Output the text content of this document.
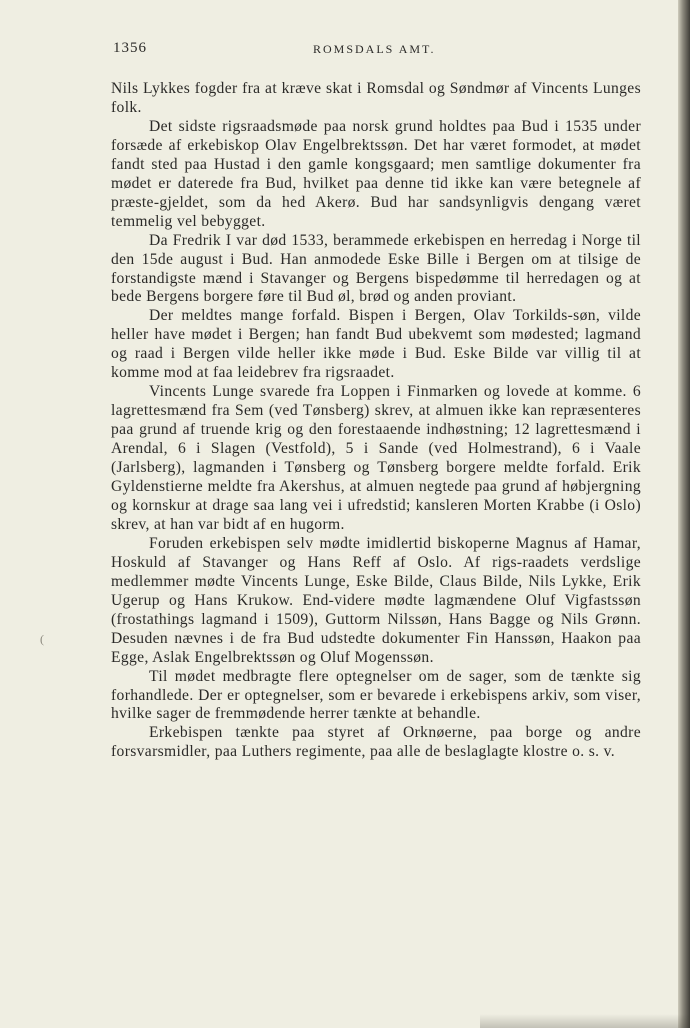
1356	ROMSDALS AMT.
(

Nils Lykkes fogder fra at kræve skat i Romsdal og Søndmør af Vincents Lunges folk.

Det sidste rigsraadsmøde paa norsk grund holdtes paa Bud i 1535 under forsæde af erkebiskop Olav Engelbrektssøn. Det har været formodet, at mødet fandt sted paa Hustad i den gamle kongsgaard; men samtlige dokumenter fra mødet er daterede fra Bud, hvilket paa denne tid ikke kan være betegnele af præste-gjeldet, som da hed Akerø. Bud har sandsynligvis dengang været temmelig vel bebygget.

Da Fredrik I var død 1533, berammede erkebispen en herredag i Norge til den 15de august i Bud. Han anmodede Eske Bille i Bergen om at tilsige de forstandigste mænd i Stavanger og Bergens bispedømme til herredagen og at bede Bergens borgere føre til Bud øl, brød og anden proviant.

Der meldtes mange forfald. Bispen i Bergen, Olav Torkilds-søn, vilde heller have mødet i Bergen; han fandt Bud ubekvemt som mødested; lagmand og raad i Bergen vilde heller ikke møde i Bud. Eske Bilde var villig til at komme mod at faa leidebrev fra rigsraadet.

Vincents Lunge svarede fra Loppen i Finmarken og lovede at komme. 6 lagrettesmænd fra Sem (ved Tønsberg) skrev, at almuen ikke kan repræsenteres paa grund af truende krig og den forestaaende indhøstning; 12 lagrettesmænd i Arendal, 6 i Slagen (Vestfold), 5 i Sande (ved Holmestrand), 6 i Vaale (Jarlsberg), lagmanden i Tønsberg og Tønsberg borgere meldte forfald. Erik Gyldenstierne meldte fra Akershus, at almuen negtede paa grund af høbjergning og kornskur at drage saa lang vei i ufredstid; kansleren Morten Krabbe (i Oslo) skrev, at han var bidt af en hugorm.

Foruden erkebispen selv mødte imidlertid biskoperne Magnus af Hamar, Hoskuld af Stavanger og Hans Reff af Oslo. Af rigs-raadets verdslige medlemmer mødte Vincents Lunge, Eske Bilde, Claus Bilde, Nils Lykke, Erik Ugerup og Hans Krukow. End-videre mødte lagmændene Oluf Vigfastssøn (frostathings lagmand i 1509), Guttorm Nilssøn, Hans Bagge og Nils Grønn. Desuden nævnes i de fra Bud udstedte dokumenter Fin Hanssøn, Haakon paa Egge, Aslak Engelbrektssøn og Oluf Mogenssøn.

Til mødet medbragte flere optegnelser om de sager, som de tænkte sig forhandlede. Der er optegnelser, som er bevarede i erkebispens arkiv, som viser, hvilke sager de fremmødende herrer tænkte at behandle.

Erkebispen tænkte paa styret af Orknøerne, paa borge og andre forsvarsmidler, paa Luthers regimente, paa alle de beslaglagte klostre o. s. v.
